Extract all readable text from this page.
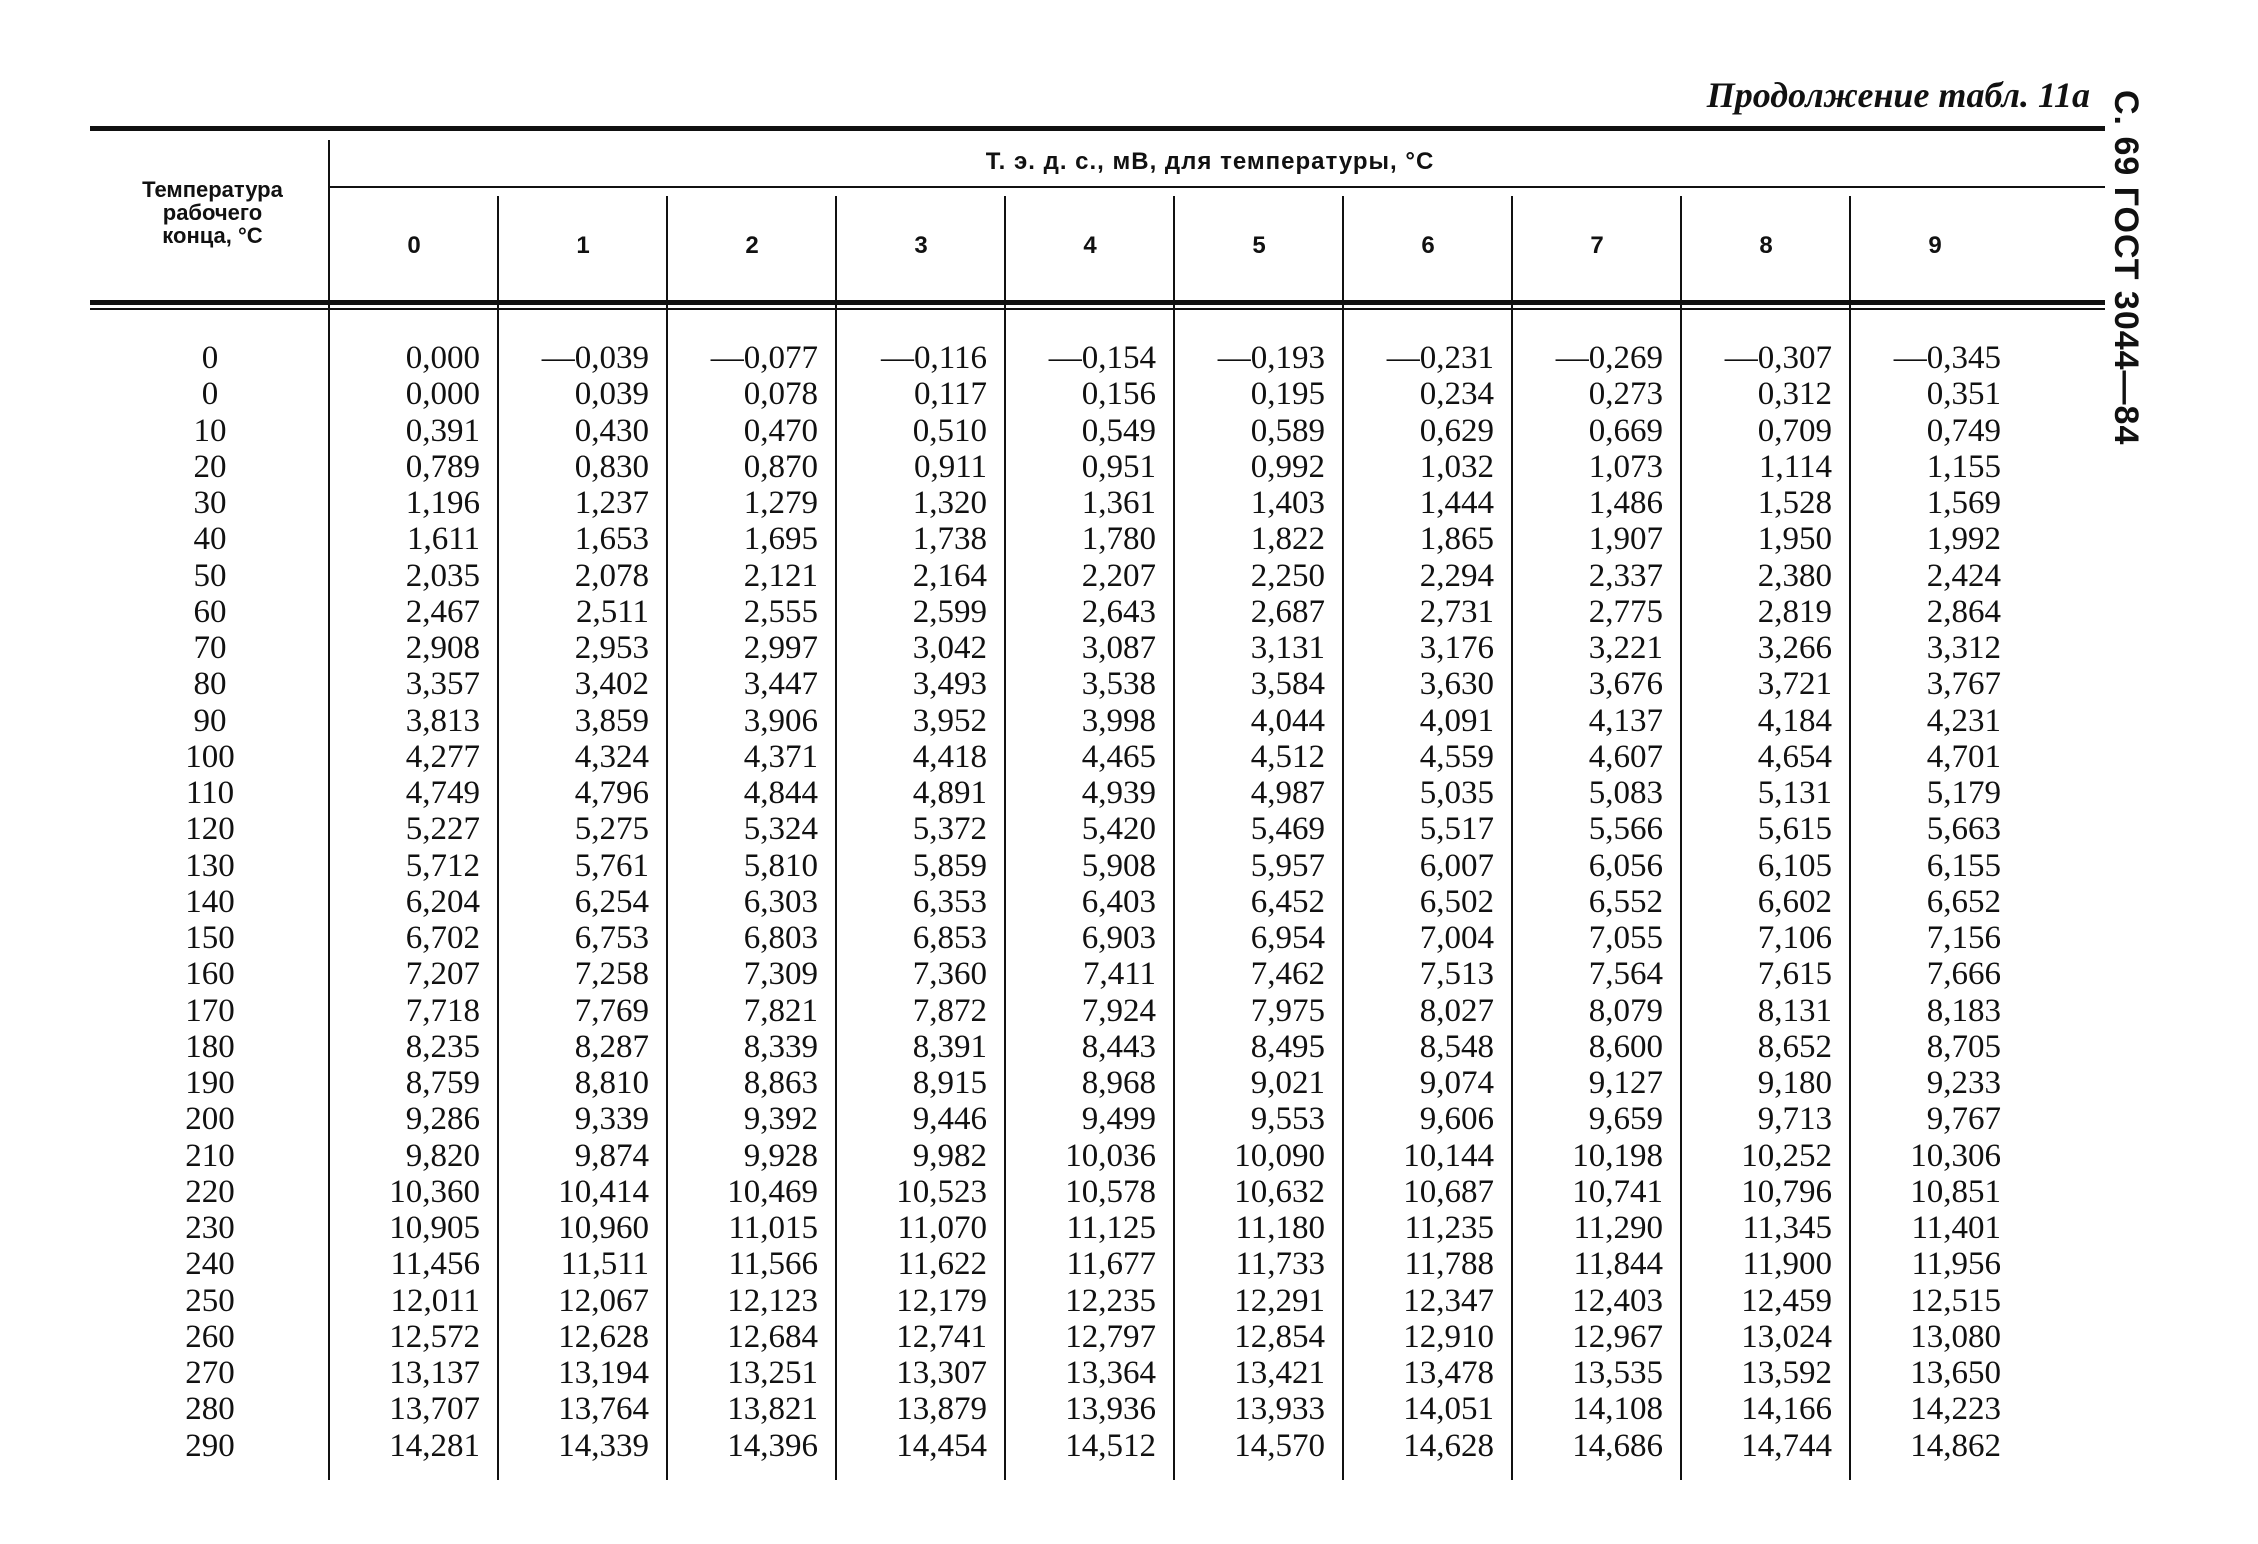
Продолжение табл. 11а С. 69 ГОСТ 3044—84
Температура
рабочего
конца, °С
Т. э. д. с., мВ, для температуры, °С
0	1	2	3	4	5	6	7	8	9
0	0,000	—0,039	—0,077	—0,116	—0,154	—0,193	—0,231	—0,269	—0,307	—0,345
0	0,000	0,039	0,078	0,117	0,156	0,195	0,234	0,273	0,312	0,351
10	0,391	0,430	0,470	0,510	0,549	0,589	0,629	0,669	0,709	0,749
20	0,789	0,830	0,870	0,911	0,951	0,992	1,032	1,073	1,114	1,155
30	1,196	1,237	1,279	1,320	1,361	1,403	1,444	1,486	1,528	1,569
40	1,611	1,653	1,695	1,738	1,780	1,822	1,865	1,907	1,950	1,992
50	2,035	2,078	2,121	2,164	2,207	2,250	2,294	2,337	2,380	2,424
60	2,467	2,511	2,555	2,599	2,643	2,687	2,731	2,775	2,819	2,864
70	2,908	2,953	2,997	3,042	3,087	3,131	3,176	3,221	3,266	3,312
80	3,357	3,402	3,447	3,493	3,538	3,584	3,630	3,676	3,721	3,767
90	3,813	3,859	3,906	3,952	3,998	4,044	4,091	4,137	4,184	4,231
100	4,277	4,324	4,371	4,418	4,465	4,512	4,559	4,607	4,654	4,701
110	4,749	4,796	4,844	4,891	4,939	4,987	5,035	5,083	5,131	5,179
120	5,227	5,275	5,324	5,372	5,420	5,469	5,517	5,566	5,615	5,663
130	5,712	5,761	5,810	5,859	5,908	5,957	6,007	6,056	6,105	6,155
140	6,204	6,254	6,303	6,353	6,403	6,452	6,502	6,552	6,602	6,652
150	6,702	6,753	6,803	6,853	6,903	6,954	7,004	7,055	7,106	7,156
160	7,207	7,258	7,309	7,360	7,411	7,462	7,513	7,564	7,615	7,666
170	7,718	7,769	7,821	7,872	7,924	7,975	8,027	8,079	8,131	8,183
180	8,235	8,287	8,339	8,391	8,443	8,495	8,548	8,600	8,652	8,705
190	8,759	8,810	8,863	8,915	8,968	9,021	9,074	9,127	9,180	9,233
200	9,286	9,339	9,392	9,446	9,499	9,553	9,606	9,659	9,713	9,767
210	9,820	9,874	9,928	9,982	10,036	10,090	10,144	10,198	10,252	10,306
220	10,360	10,414	10,469	10,523	10,578	10,632	10,687	10,741	10,796	10,851
230	10,905	10,960	11,015	11,070	11,125	11,180	11,235	11,290	11,345	11,401
240	11,456	11,511	11,566	11,622	11,677	11,733	11,788	11,844	11,900	11,956
250	12,011	12,067	12,123	12,179	12,235	12,291	12,347	12,403	12,459	12,515
260	12,572	12,628	12,684	12,741	12,797	12,854	12,910	12,967	13,024	13,080
270	13,137	13,194	13,251	13,307	13,364	13,421	13,478	13,535	13,592	13,650
280	13,707	13,764	13,821	13,879	13,936	13,933	14,051	14,108	14,166	14,223
290	14,281	14,339	14,396	14,454	14,512	14,570	14,628	14,686	14,744	14,862
